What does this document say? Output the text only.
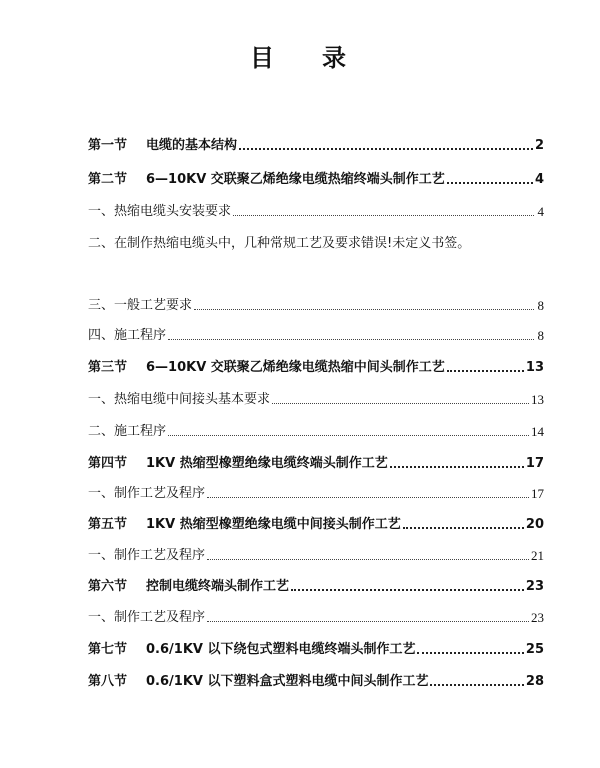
目 录
第一节	电缆的基本结构	2
第二节	6—10KV 交联聚乙烯绝缘电缆热缩终端头制作工艺	4
一、热缩电缆头安装要求	4
二、在制作热缩电缆头中，几种常规工艺及要求错误!未定义书签。
三、一般工艺要求	8
四、施工程序	8
第三节	6—10KV 交联聚乙烯绝缘电缆热缩中间头制作工艺	13
一、热缩电缆中间接头基本要求	13
二、施工程序	14
第四节	1KV 热缩型橡塑绝缘电缆终端头制作工艺	17
一、制作工艺及程序	17
第五节	1KV 热缩型橡塑绝缘电缆中间接头制作工艺	20
一、制作工艺及程序	21
第六节	控制电缆终端头制作工艺	23
一、制作工艺及程序	23
第七节	0.6/1KV 以下绕包式塑料电缆终端头制作工艺	25
第八节	0.6/1KV 以下塑料盒式塑料电缆中间头制作工艺	28
